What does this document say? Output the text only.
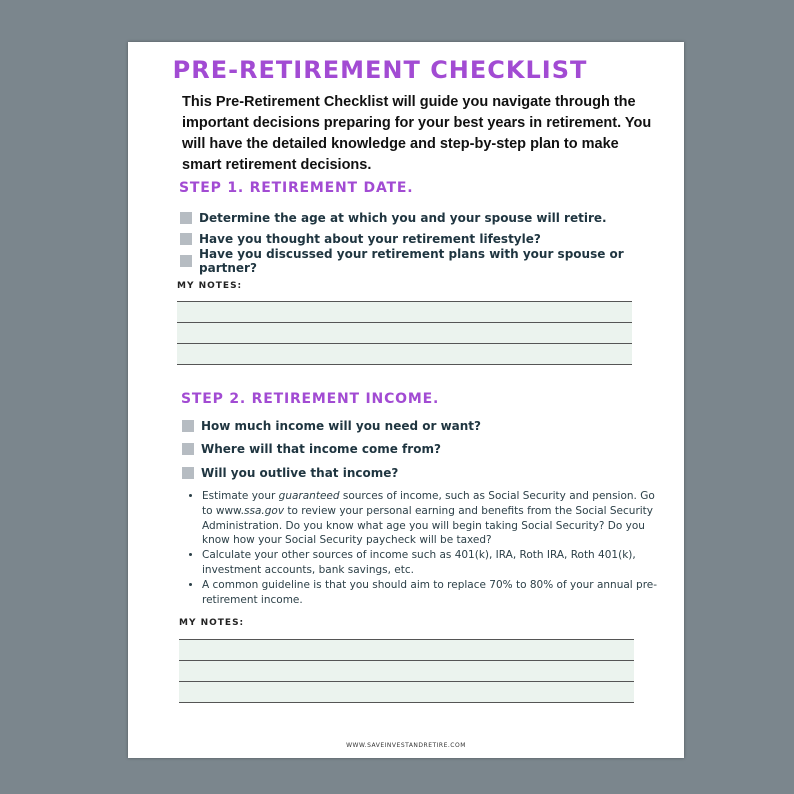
PRE-RETIREMENT CHECKLIST
This Pre-Retirement Checklist will guide you navigate through the important decisions preparing for your best years in retirement. You will have the detailed knowledge and step-by-step plan to make smart retirement decisions.
STEP 1. RETIREMENT DATE.
Determine the age at which you and your spouse will retire.
Have you thought about your retirement lifestyle?
Have you discussed your retirement plans with your spouse or partner?
MY NOTES:
STEP 2. RETIREMENT INCOME.
How much income will you need or want?
Where will that income come from?
Will you outlive that income?
• Estimate your guaranteed sources of income, such as Social Security and pension. Go to www.ssa.gov to review your personal earning and benefits from the Social Security Administration. Do you know what age you will begin taking Social Security? Do you know how your Social Security paycheck will be taxed?
• Calculate your other sources of income such as 401(k), IRA, Roth IRA, Roth 401(k), investment accounts, bank savings, etc.
• A common guideline is that you should aim to replace 70% to 80% of your annual pre-retirement income.
MY NOTES:
WWW.SAVEINVESTANDRETIRE.COM
